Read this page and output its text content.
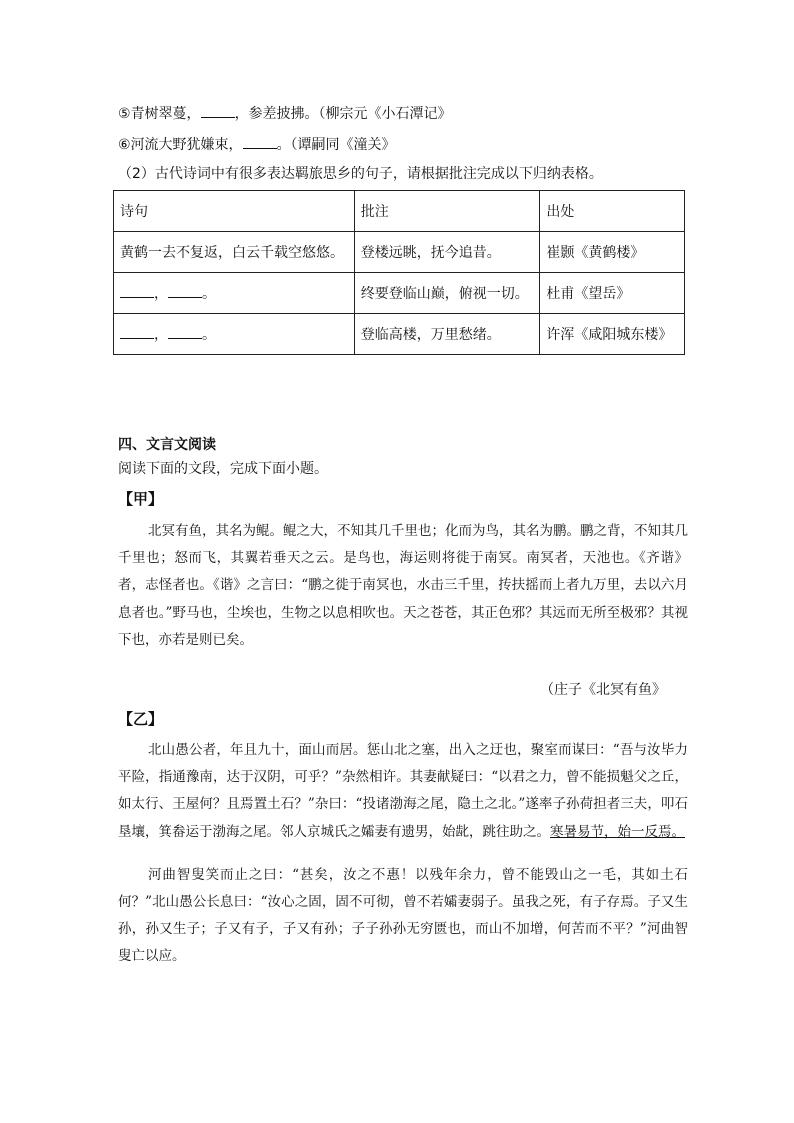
⑤青树翠蔓， ，参差披拂。（柳宗元《小石潭记》
⑥河流大野犹嫌束， 。（谭嗣同《潼关》
（2）古代诗词中有很多表达羁旅思乡的句子，请根据批注完成以下归纳表格。
诗句	批注	出处
黄鹤一去不复返，白云千载空悠悠。	登楼远眺，抚今追昔。	崔颢《黄鹤楼》
， 。	终要登临山巅，俯视一切。	杜甫《望岳》
， 。	登临高楼，万里愁绪。	许浑《咸阳城东楼》
四、文言文阅读
阅读下面的文段，完成下面小题。
【甲】

北冥有鱼，其名为鲲。鲲之大，不知其几千里也；化而为鸟，其名为鹏。鹏之背，不知其几千里也；怒而飞，其翼若垂天之云。是鸟也，海运则将徙于南冥。南冥者，天池也。《齐谐》者，志怪者也。《谐》之言曰：“鹏之徙于南冥也，水击三千里，抟扶摇而上者九万里，去以六月息者也。”野马也，尘埃也，生物之以息相吹也。天之苍苍，其正色邪？其远而无所至极邪？其视下也，亦若是则已矣。

（庄子《北冥有鱼》
【乙】

北山愚公者，年且九十，面山而居。惩山北之塞，出入之迂也，聚室而谋曰：“吾与汝毕力平险，指通豫南，达于汉阴，可乎？”杂然相许。其妻献疑曰：“以君之力，曾不能损魁父之丘，如太行、王屋何？且焉置土石？”杂曰：“投诸渤海之尾，隐土之北。”遂率子孙荷担者三夫，叩石垦壤，箕畚运于渤海之尾。邻人京城氏之孀妻有遗男，始龀，跳往助之。寒暑易节，始一反焉。

河曲智叟笑而止之曰：“甚矣，汝之不惠！以残年余力，曾不能毁山之一毛，其如土石何？”北山愚公长息曰：“汝心之固，固不可彻，曾不若孀妻弱子。虽我之死，有子存焉。子又生孙，孙又生子；子又有子，子又有孙；子子孙孙无穷匮也，而山不加增，何苦而不平？”河曲智叟亡以应。
